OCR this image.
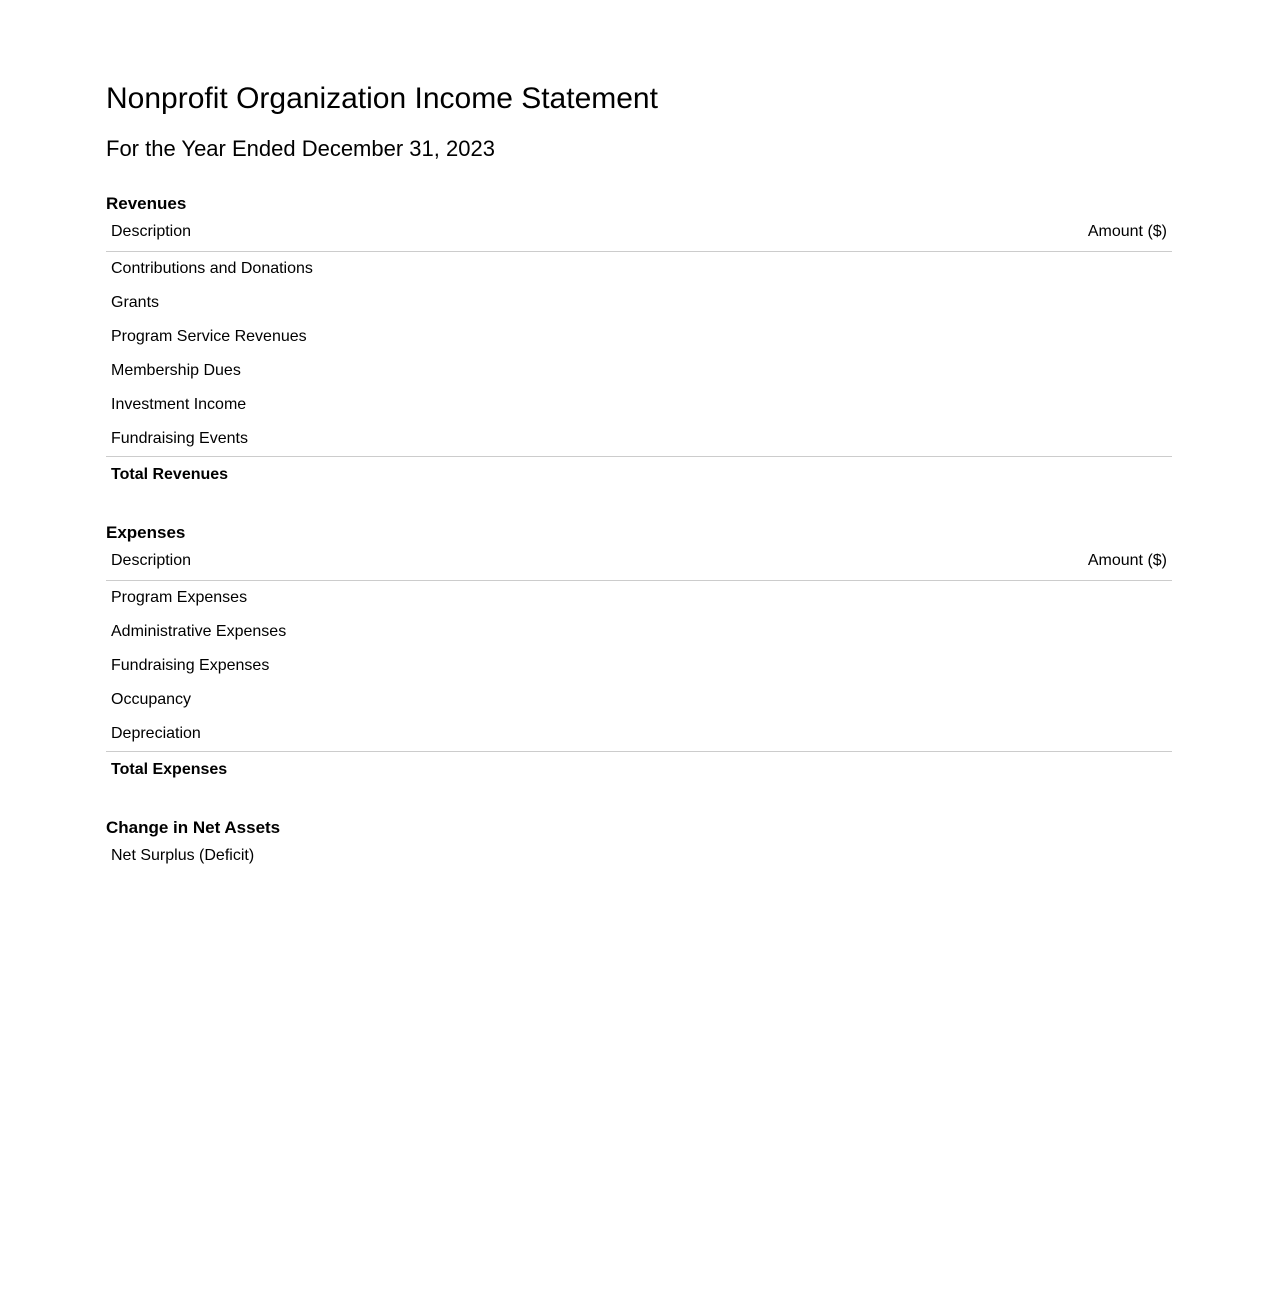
Nonprofit Organization Income Statement

For the Year Ended December 31, 2023

Revenues
Description	Amount ($)
Contributions and Donations	
Grants	
Program Service Revenues	
Membership Dues	
Investment Income	
Fundraising Events	
Total Revenues	
Expenses
Description	Amount ($)
Program Expenses	
Administrative Expenses	
Fundraising Expenses	
Occupancy	
Depreciation	
Total Expenses	
Change in Net Assets
Net Surplus (Deficit)
